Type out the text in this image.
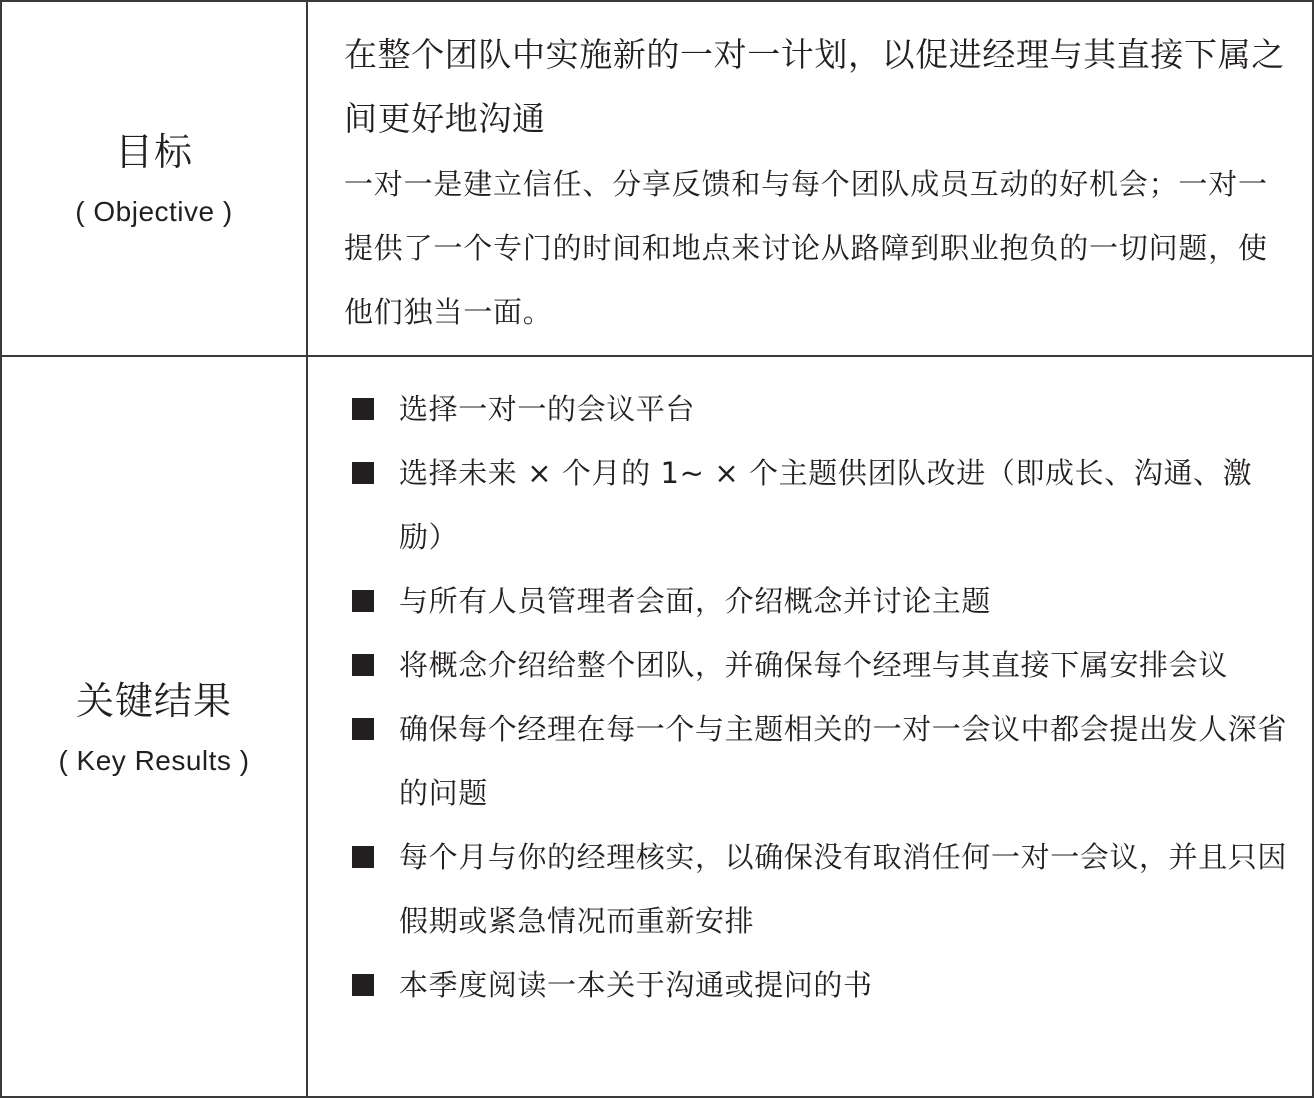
目标
( Objective )
在整个团队中实施新的一对一计划，以促进经理与其直接下属之间更好地沟通
一对一是建立信任、分享反馈和与每个团队成员互动的好机会；一对一提供了一个专门的时间和地点来讨论从路障到职业抱负的一切问题，使他们独当一面。
关键结果
( Key Results )
选择一对一的会议平台
选择未来 × 个月的 1~ × 个主题供团队改进（即成长、沟通、激励）
与所有人员管理者会面，介绍概念并讨论主题
将概念介绍给整个团队，并确保每个经理与其直接下属安排会议
确保每个经理在每一个与主题相关的一对一会议中都会提出发人深省的问题
每个月与你的经理核实，以确保没有取消任何一对一会议，并且只因假期或紧急情况而重新安排
本季度阅读一本关于沟通或提问的书
